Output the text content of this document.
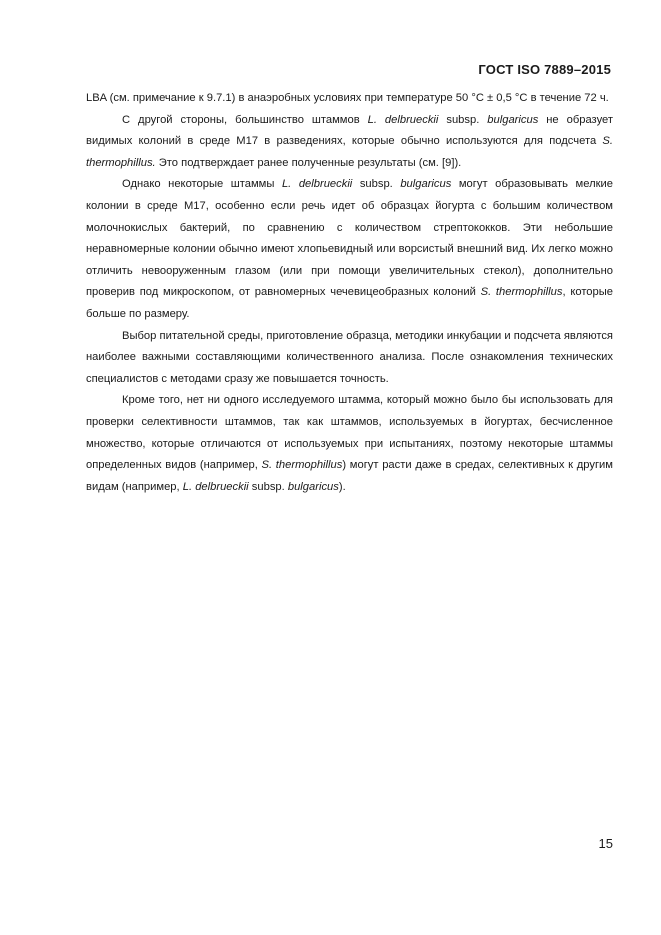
ГОСТ ISO 7889–2015

LBA (см. примечание к 9.7.1) в анаэробных условиях при температуре 50 °С ± 0,5 °С в течение 72 ч.

С другой стороны, большинство штаммов L. delbrueckii subsp. bulgaricus не образует видимых колоний в среде М17 в разведениях, которые обычно используются для подсчета S. thermophillus. Это подтверждает ранее полученные результаты (см. [9]).

Однако некоторые штаммы L. delbrueckii subsp. bulgaricus могут образовывать мелкие колонии в среде М17, особенно если речь идет об образцах йогурта с большим количеством молочнокислых бактерий, по сравнению с количеством стрептококков. Эти небольшие неравномерные колонии обычно имеют хлопьевидный или ворсистый внешний вид. Их легко можно отличить невооруженным глазом (или при помощи увеличительных стекол), дополнительно проверив под микроскопом, от равномерных чечевицеобразных колоний S. thermophillus, которые больше по размеру.

Выбор питательной среды, приготовление образца, методики инкубации и подсчета являются наиболее важными составляющими количественного анализа. После ознакомления технических специалистов с методами сразу же повышается точность.

Кроме того, нет ни одного исследуемого штамма, который можно было бы использовать для проверки селективности штаммов, так как штаммов, используемых в йогуртах, бесчисленное множество, которые отличаются от используемых при испытаниях, поэтому некоторые штаммы определенных видов (например, S. thermophillus) могут расти даже в средах, селективных к другим видам (например, L. delbrueckii subsp. bulgaricus).

15
